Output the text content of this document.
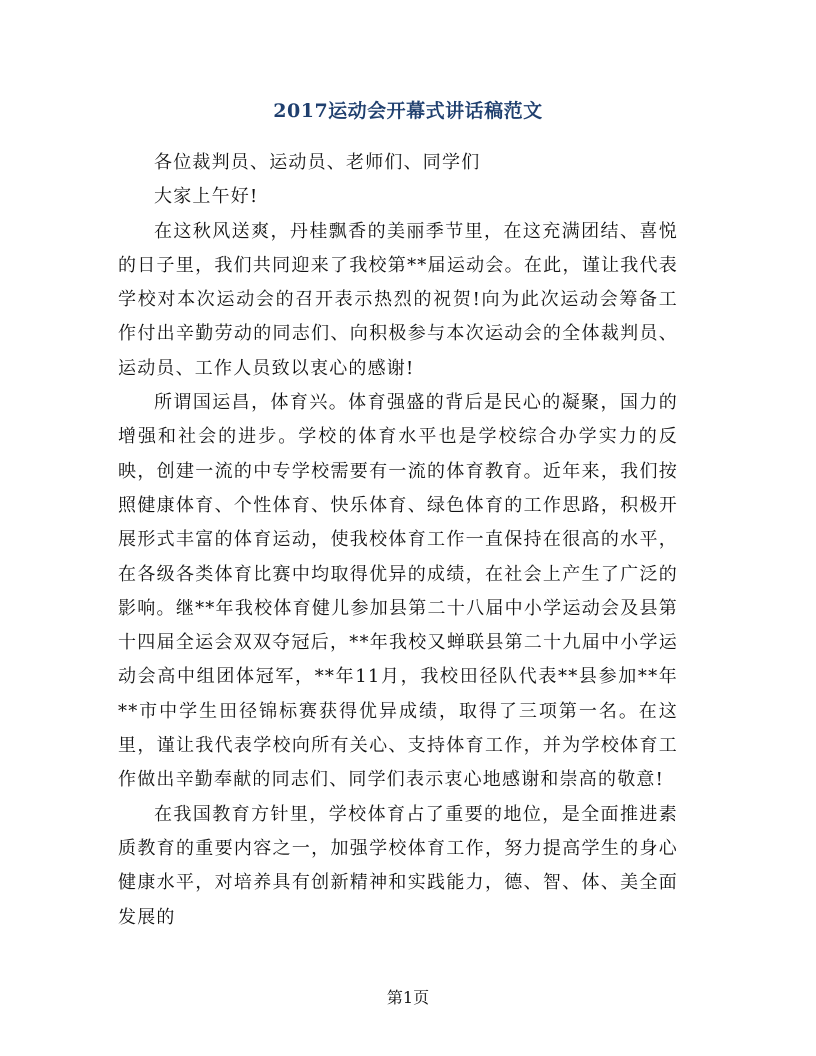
2017运动会开幕式讲话稿范文

各位裁判员、运动员、老师们、同学们

大家上午好!

在这秋风送爽，丹桂飘香的美丽季节里，在这充满团结、喜悦的日子里，我们共同迎来了我校第**届运动会。在此，谨让我代表学校对本次运动会的召开表示热烈的祝贺!向为此次运动会筹备工作付出辛勤劳动的同志们、向积极参与本次运动会的全体裁判员、运动员、工作人员致以衷心的感谢!

所谓国运昌，体育兴。体育强盛的背后是民心的凝聚，国力的增强和社会的进步。学校的体育水平也是学校综合办学实力的反映，创建一流的中专学校需要有一流的体育教育。近年来，我们按照健康体育、个性体育、快乐体育、绿色体育的工作思路，积极开展形式丰富的体育运动，使我校体育工作一直保持在很高的水平，在各级各类体育比赛中均取得优异的成绩，在社会上产生了广泛的影响。继**年我校体育健儿参加县第二十八届中小学运动会及县第十四届全运会双双夺冠后，**年我校又蝉联县第二十九届中小学运动会高中组团体冠军，**年11月，我校田径队代表**县参加**年**市中学生田径锦标赛获得优异成绩，取得了三项第一名。在这里，谨让我代表学校向所有关心、支持体育工作，并为学校体育工作做出辛勤奉献的同志们、同学们表示衷心地感谢和崇高的敬意!

在我国教育方针里，学校体育占了重要的地位，是全面推进素质教育的重要内容之一，加强学校体育工作，努力提高学生的身心健康水平，对培养具有创新精神和实践能力，德、智、体、美全面发展的

第1页
